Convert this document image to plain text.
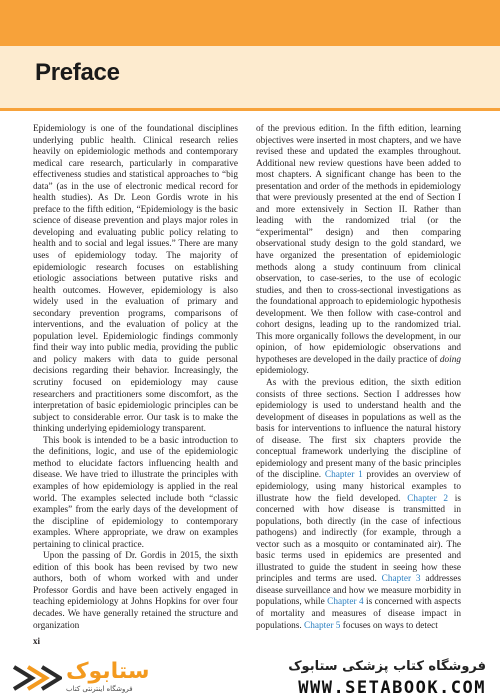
Preface

Epidemiology is one of the foundational disciplines underlying public health. Clinical research relies heavily on epidemiologic methods and contemporary medical care research, particularly in comparative effectiveness studies and statistical approaches to “big data” (as in the use of electronic medical record for health studies). As Dr. Leon Gordis wrote in his preface to the fifth edition, “Epidemiology is the basic science of disease prevention and plays major roles in developing and evaluating public policy relating to health and to social and legal issues.” There are many uses of epidemiology today. The majority of epidemiologic research focuses on establishing etiologic associations between putative risks and health outcomes. However, epidemiology is also widely used in the evaluation of primary and secondary prevention programs, comparisons of interventions, and the evaluation of policy at the population level. Epidemiologic findings commonly find their way into public media, providing the public and policy makers with data to guide personal decisions regarding their behavior. Increasingly, the scrutiny focused on epidemiology may cause researchers and practitioners some discomfort, as the interpretation of basic epidemiologic principles can be subject to considerable error. Our task is to make the thinking underlying epidemiology transparent.

This book is intended to be a basic introduction to the definitions, logic, and use of the epidemiologic method to elucidate factors influencing health and disease. We have tried to illustrate the principles with examples of how epidemiology is applied in the real world. The examples selected include both “classic examples” from the early days of the development of the discipline of epidemiology to contemporary examples. Where appropriate, we draw on examples pertaining to clinical practice.

Upon the passing of Dr. Gordis in 2015, the sixth edition of this book has been revised by two new authors, both of whom worked with and under Professor Gordis and have been actively engaged in teaching epidemiology at Johns Hopkins for over four decades. We have generally retained the structure and organization

of the previous edition. In the fifth edition, learning objectives were inserted in most chapters, and we have revised these and updated the examples throughout. Additional new review questions have been added to most chapters. A significant change has been to the presentation and order of the methods in epidemiology that were previously presented at the end of Section I and more extensively in Section II. Rather than leading with the randomized trial (or the “experimental” design) and then comparing observational study design to the gold standard, we have organized the presentation of epidemiologic methods along a study continuum from clinical observation, to case-series, to the use of ecologic studies, and then to cross-sectional investigations as the foundational approach to epidemiologic hypothesis development. We then follow with case-control and cohort designs, leading up to the randomized trial. This more organically follows the development, in our opinion, of how epidemiologic observations and hypotheses are developed in the daily practice of doing epidemiology.

As with the previous edition, the sixth edition consists of three sections. Section I addresses how epidemiology is used to understand health and the development of diseases in populations as well as the basis for interventions to influence the natural history of disease. The first six chapters provide the conceptual framework underlying the discipline of epidemiology and present many of the basic principles of the discipline. Chapter 1 provides an overview of epidemiology, using many historical examples to illustrate how the field developed. Chapter 2 is concerned with how disease is transmitted in populations, both directly (in the case of infectious pathogens) and indirectly (for example, through a vector such as a mosquito or contaminated air). The basic terms used in epidemics are presented and illustrated to guide the student in seeing how these principles and terms are used. Chapter 3 addresses disease surveillance and how we measure morbidity in populations, while Chapter 4 is concerned with aspects of mortality and measures of disease impact in populations. Chapter 5 focuses on ways to detect

xi
ستابوک
فروشگاه اینترنتی کتاب
فروشگاه کتاب پزشکی ستابوک
WWW.SETABOOK.COM
